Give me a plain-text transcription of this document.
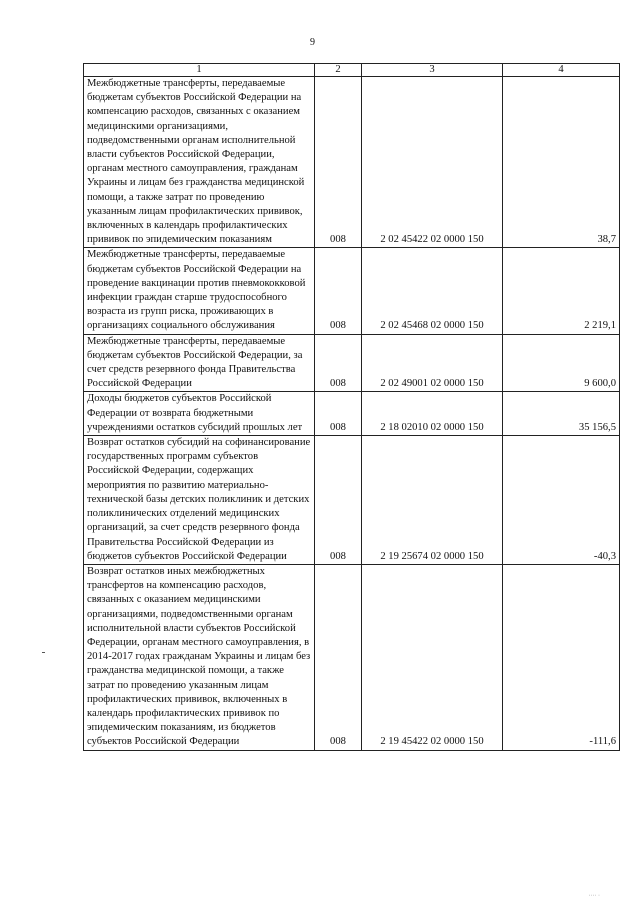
9
1	2	3	4
Межбюджетные трансферты, передаваемые бюджетам субъектов Российской Федерации на компенсацию расходов, связанных с оказанием медицинскими организациями, подведомственными органам исполнительной власти субъектов Российской Федерации, органам местного самоуправления, гражданам Украины и лицам без гражданства медицинской помощи, а также затрат по проведению указанным лицам профилактических прививок, включенных в календарь профилактических прививок по эпидемическим показаниям	008	2 02 45422 02 0000 150	38,7
Межбюджетные трансферты, передаваемые бюджетам субъектов Российской Федерации на проведение вакцинации против пневмококковой инфекции граждан старше трудоспособного возраста из групп риска, проживающих в организациях социального обслуживания	008	2 02 45468 02 0000 150	2 219,1
Межбюджетные трансферты, передаваемые бюджетам субъектов Российской Федерации, за счет средств резервного фонда Правительства Российской Федерации	008	2 02 49001 02 0000 150	9 600,0
Доходы бюджетов субъектов Российской Федерации от возврата бюджетными учреждениями остатков субсидий прошлых лет	008	2 18 02010 02 0000 150	35 156,5
Возврат остатков субсидий на софинансирование государственных программ субъектов Российской Федерации, содержащих мероприятия по развитию материально-технической базы детских поликлиник и детских поликлинических отделений медицинских организаций, за счет средств резервного фонда Правительства Российской Федерации из бюджетов субъектов Российской Федерации	008	2 19 25674 02 0000 150	-40,3
Возврат остатков иных межбюджетных трансфертов на компенсацию расходов, связанных с оказанием медицинскими организациями, подведомственными органам исполнительной власти субъектов Российской Федерации, органам местного самоуправления, в 2014-2017 годах гражданам Украины и лицам без гражданства медицинской помощи, а также затрат по проведению указанным лицам профилактических прививок, включенных в календарь профилактических прививок по эпидемическим показаниям, из бюджетов субъектов Российской Федерации	008	2 19 45422 02 0000 150	-111,6
···· ·
